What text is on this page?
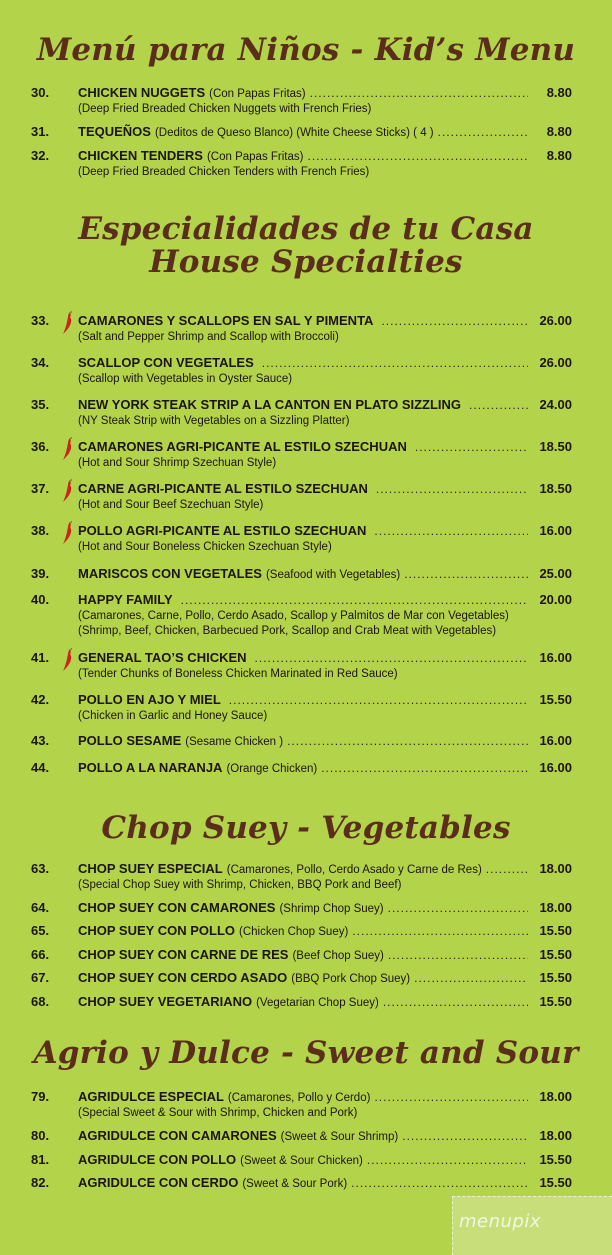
Menú para Niños - Kid’s Menu
30.	CHICKEN NUGGETS (Con Papas Fritas) .....	8.80
(Deep Fried Breaded Chicken Nuggets with French Fries)
31.	TEQUEÑOS (Deditos de Queso Blanco) (White Cheese Sticks) ( 4 ) .....	8.80
32.	CHICKEN TENDERS (Con Papas Fritas) .....	8.80
(Deep Fried Breaded Chicken Tenders with French Fries)
Especialidades de tu Casa
House Specialties
33.	CAMARONES Y SCALLOPS EN SAL Y PIMENTA .....	26.00
(Salt and Pepper Shrimp and Scallop with Broccoli)
34.	SCALLOP CON VEGETALES .....	26.00
(Scallop with Vegetables in Oyster Sauce)
35.	NEW YORK STEAK STRIP A LA CANTON EN PLATO SIZZLING .....	24.00
(NY Steak Strip with Vegetables on a Sizzling Platter)
36.	CAMARONES AGRI-PICANTE AL ESTILO SZECHUAN .....	18.50
(Hot and Sour Shrimp Szechuan Style)
37.	CARNE AGRI-PICANTE AL ESTILO SZECHUAN .....	18.50
(Hot and Sour Beef Szechuan Style)
38.	POLLO AGRI-PICANTE AL ESTILO SZECHUAN .....	16.00
(Hot and Sour Boneless Chicken Szechuan Style)
39.	MARISCOS CON VEGETALES (Seafood with Vegetables) .....	25.00
40.	HAPPY FAMILY .....	20.00
(Camarones, Carne, Pollo, Cerdo Asado, Scallop y Palmitos de Mar con Vegetables)
(Shrimp, Beef, Chicken, Barbecued Pork, Scallop and Crab Meat with Vegetables)
41.	GENERAL TAO’S CHICKEN .....	16.00
(Tender Chunks of Boneless Chicken Marinated in Red Sauce)
42.	POLLO EN AJO Y MIEL .....	15.50
(Chicken in Garlic and Honey Sauce)
43.	POLLO SESAME (Sesame Chicken ) .....	16.00
44.	POLLO A LA NARANJA (Orange Chicken) .....	16.00
Chop Suey - Vegetables
63.	CHOP SUEY ESPECIAL (Camarones, Pollo, Cerdo Asado y Carne de Res) .....	18.00
(Special Chop Suey with Shrimp, Chicken, BBQ Pork and Beef)
64.	CHOP SUEY CON CAMARONES (Shrimp Chop Suey) .....	18.00
65.	CHOP SUEY CON POLLO (Chicken Chop Suey) .....	15.50
66.	CHOP SUEY CON CARNE DE RES (Beef Chop Suey) .....	15.50
67.	CHOP SUEY CON CERDO ASADO (BBQ Pork Chop Suey) .....	15.50
68.	CHOP SUEY VEGETARIANO (Vegetarian Chop Suey) .....	15.50
Agrio y Dulce - Sweet and Sour
79.	AGRIDULCE ESPECIAL (Camarones, Pollo y Cerdo) .....	18.00
(Special Sweet & Sour with Shrimp, Chicken and Pork)
80.	AGRIDULCE CON CAMARONES (Sweet & Sour Shrimp) .....	18.00
81.	AGRIDULCE CON POLLO (Sweet & Sour Chicken) .....	15.50
82.	AGRIDULCE CON CERDO (Sweet & Sour Pork) .....	15.50
menupix
